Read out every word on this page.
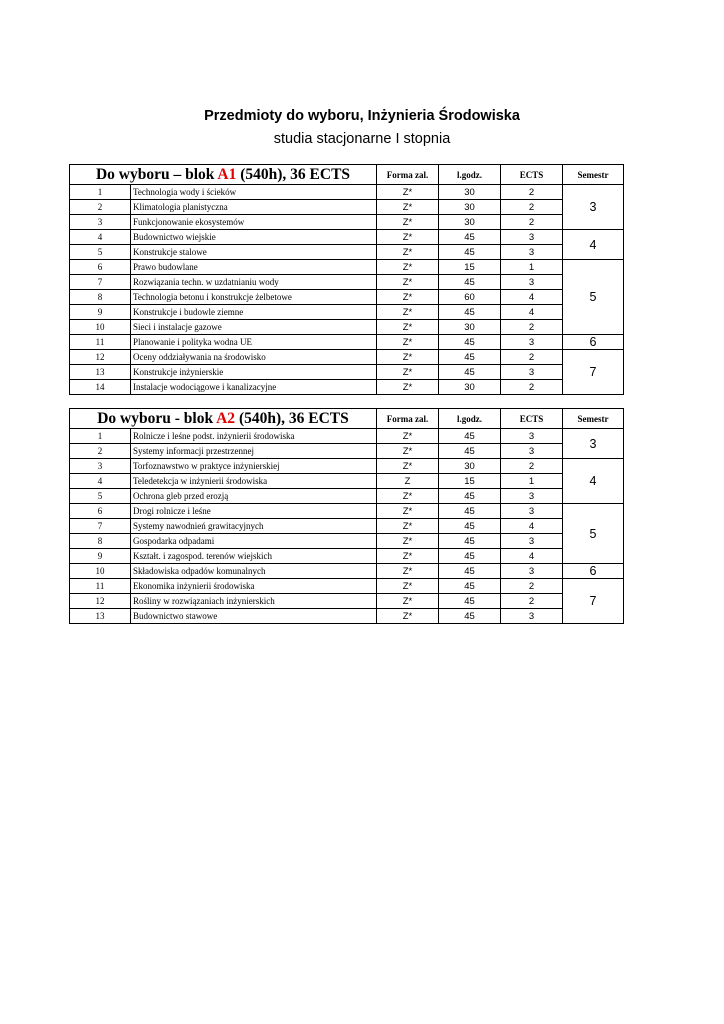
Przedmioty do wyboru, Inżynieria Środowiska
studia stacjonarne I stopnia
Do wyboru – blok A1 (540h), 36 ECTS		Forma zal.	l.godz.	ECTS	Semestr
1	Technologia wody i ścieków	Z*	30	2	3
2	Klimatologia planistyczna	Z*	30	2	
3	Funkcjonowanie ekosystemów	Z*	30	2	
4	Budownictwo wiejskie	Z*	45	3	4
5	Konstrukcje stalowe	Z*	45	3	
6	Prawo budowlane	Z*	15	1	5
7	Rozwiązania techn. w uzdatnianiu wody	Z*	45	3	
8	Technologia betonu i konstrukcje żelbetowe	Z*	60	4	
9	Konstrukcje i budowle ziemne	Z*	45	4	
10	Sieci i instalacje gazowe	Z*	30	2	
11	Planowanie i polityka wodna UE	Z*	45	3	6
12	Oceny oddziaływania na środowisko	Z*	45	2	7
13	Konstrukcje inżynierskie	Z*	45	3	
14	Instalacje wodociągowe i kanalizacyjne	Z*	30	2	
Do wyboru - blok A2 (540h), 36 ECTS		Forma zal.	l.godz.	ECTS	Semestr
1	Rolnicze i leśne podst. inżynierii środowiska	Z*	45	3	3
2	Systemy informacji przestrzennej	Z*	45	3	
3	Torfoznawstwo w praktyce inżynierskiej	Z*	30	2	4
4	Teledetekcja w inżynierii środowiska	Z	15	1	
5	Ochrona gleb przed erozją	Z*	45	3	
6	Drogi rolnicze i leśne	Z*	45	3	5
7	Systemy nawodnień grawitacyjnych	Z*	45	4	
8	Gospodarka odpadami	Z*	45	3	
9	Kształt. i zagospod. terenów wiejskich	Z*	45	4	
10	Składowiska odpadów komunalnych	Z*	45	3	6
11	Ekonomika inżynierii środowiska	Z*	45	2	7
12	Rośliny w rozwiązaniach inżynierskich	Z*	45	2	
13	Budownictwo stawowe	Z*	45	3	
